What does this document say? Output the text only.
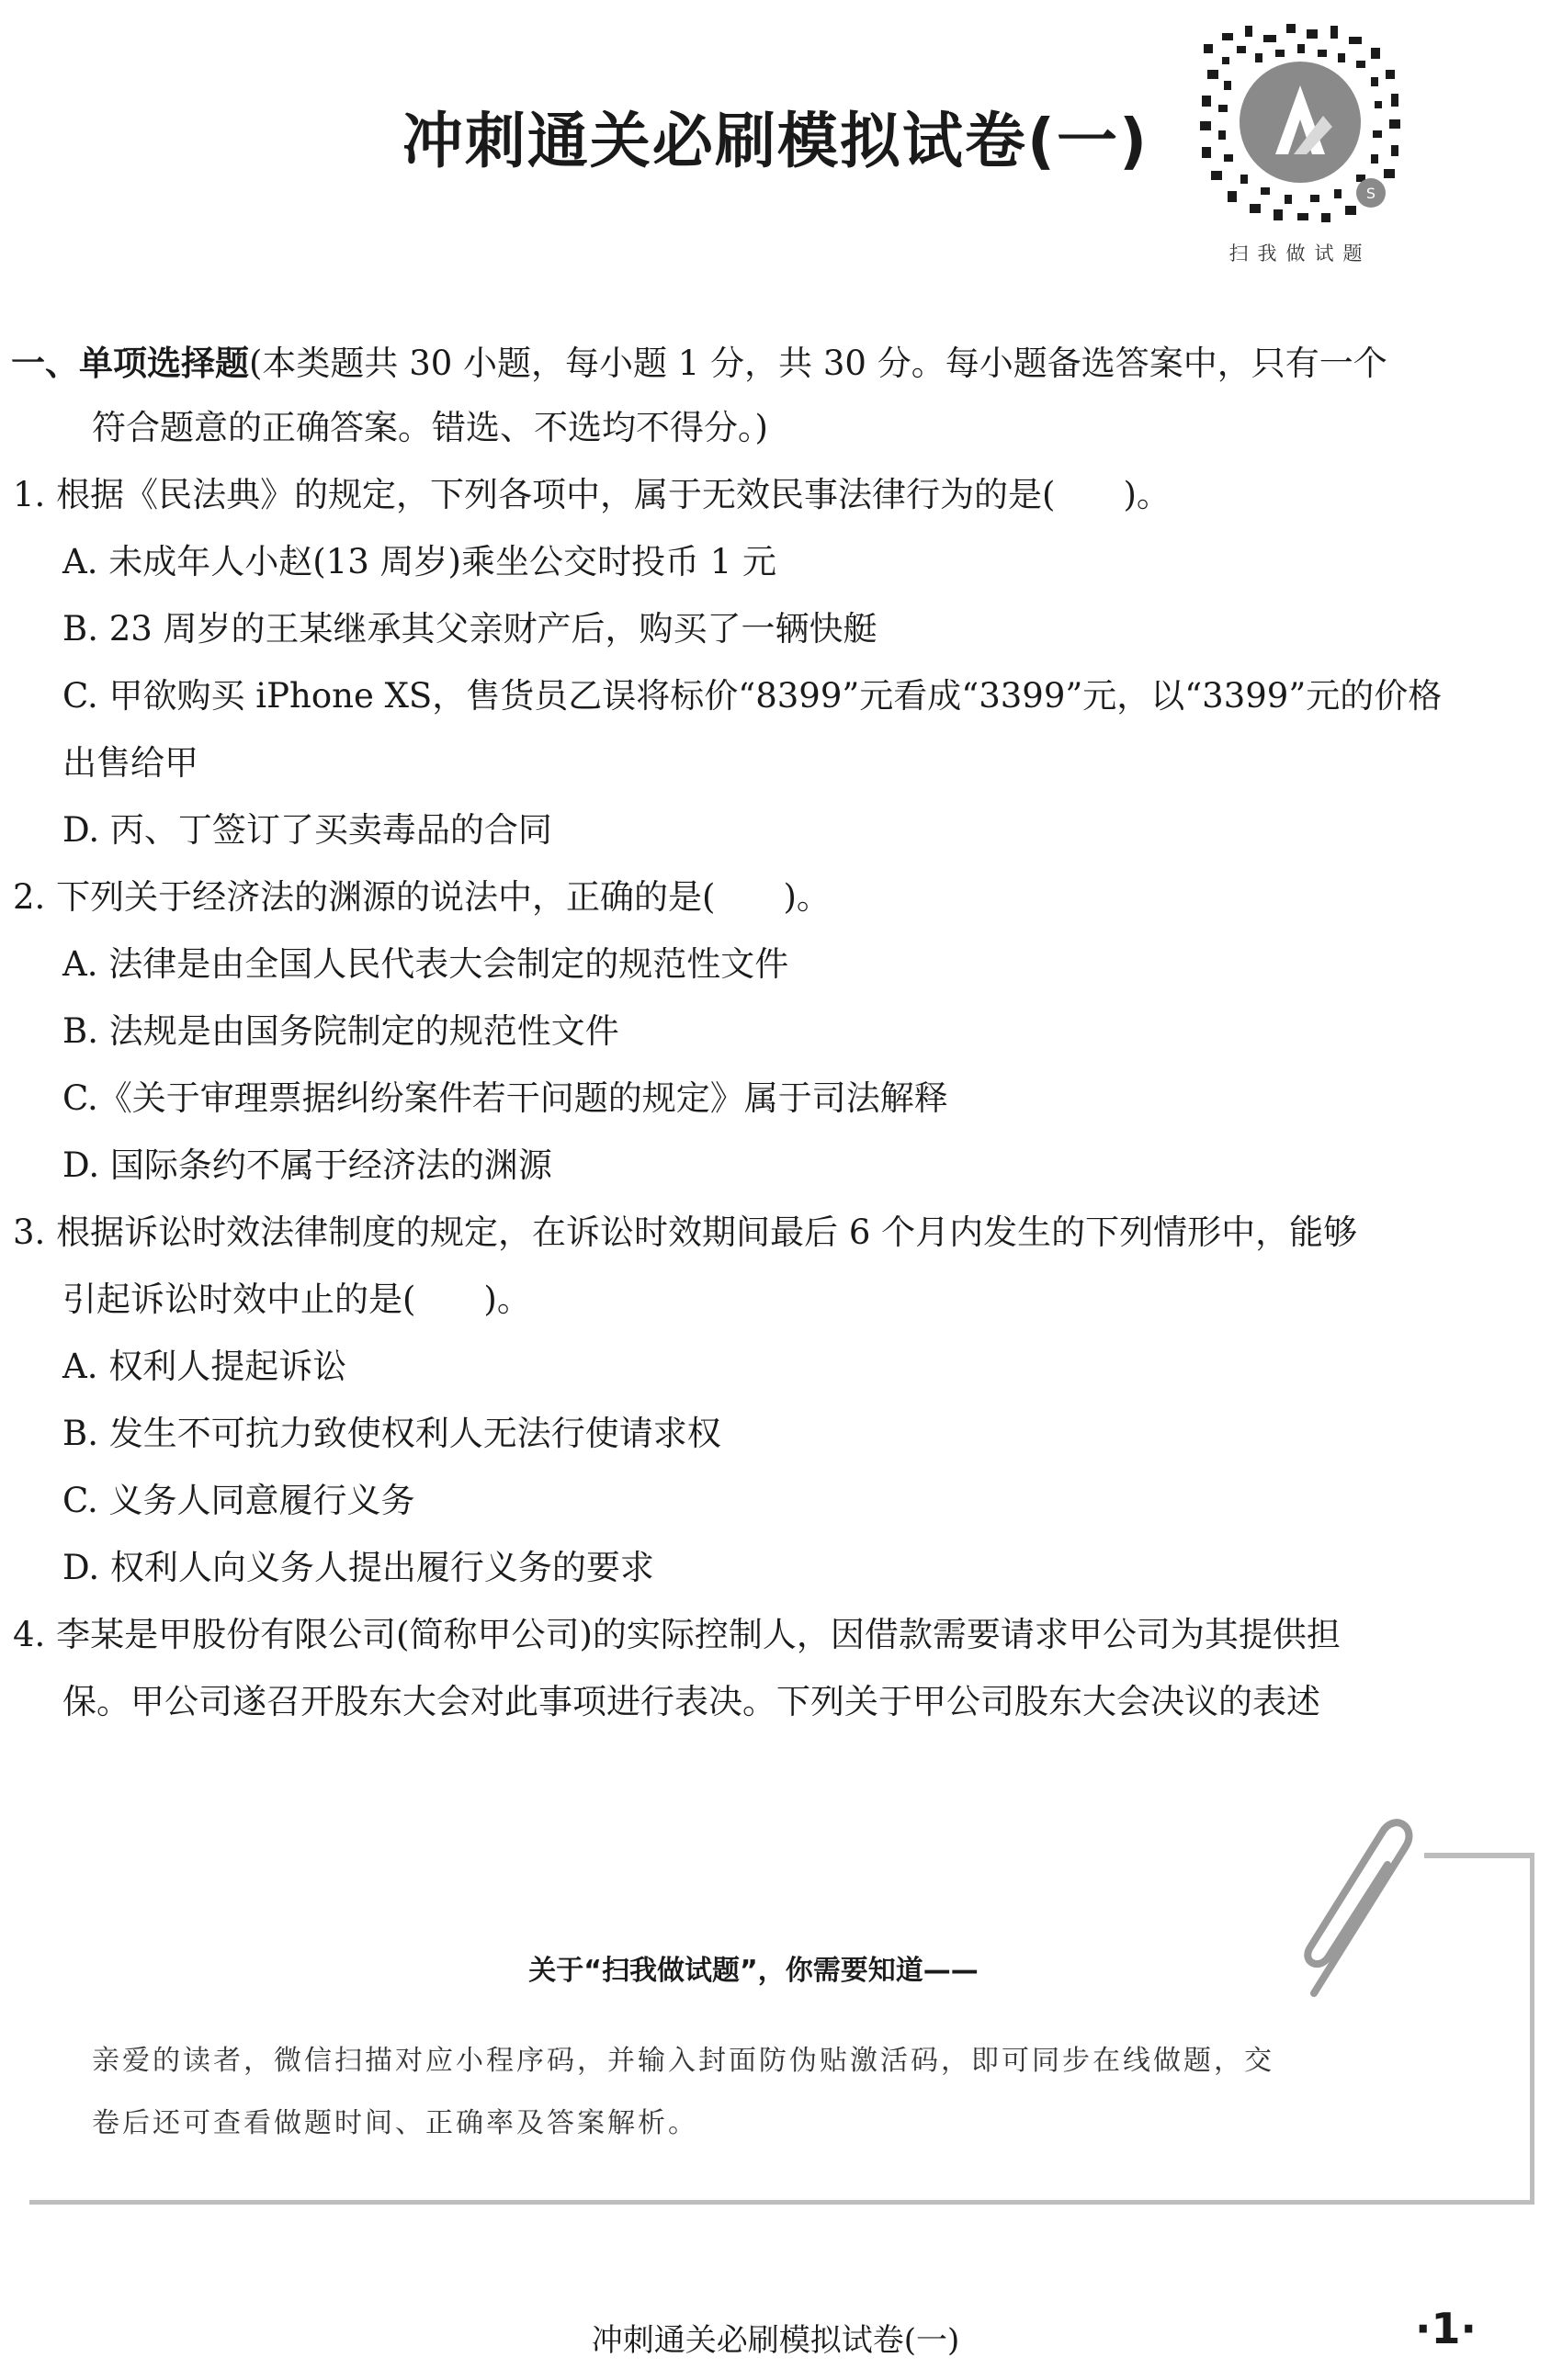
冲刺通关必刷模拟试卷(一)
S
扫我做试题
一、单项选择题(本类题共 30 小题，每小题 1 分，共 30 分。每小题备选答案中，只有一个
符合题意的正确答案。错选、不选均不得分。)
1. 根据《民法典》的规定，下列各项中，属于无效民事法律行为的是(　　)。
A. 未成年人小赵(13 周岁)乘坐公交时投币 1 元
B. 23 周岁的王某继承其父亲财产后，购买了一辆快艇
C. 甲欲购买 iPhone XS，售货员乙误将标价“8399”元看成“3399”元，以“3399”元的价格
出售给甲
D. 丙、丁签订了买卖毒品的合同
2. 下列关于经济法的渊源的说法中，正确的是(　　)。
A. 法律是由全国人民代表大会制定的规范性文件
B. 法规是由国务院制定的规范性文件
C.《关于审理票据纠纷案件若干问题的规定》属于司法解释
D. 国际条约不属于经济法的渊源
3. 根据诉讼时效法律制度的规定，在诉讼时效期间最后 6 个月内发生的下列情形中，能够
引起诉讼时效中止的是(　　)。
A. 权利人提起诉讼
B. 发生不可抗力致使权利人无法行使请求权
C. 义务人同意履行义务
D. 权利人向义务人提出履行义务的要求
4. 李某是甲股份有限公司(简称甲公司)的实际控制人，因借款需要请求甲公司为其提供担
保。甲公司遂召开股东大会对此事项进行表决。下列关于甲公司股东大会决议的表述
关于“扫我做试题”，你需要知道——
亲爱的读者，微信扫描对应小程序码，并输入封面防伪贴激活码，即可同步在线做题，交
卷后还可查看做题时间、正确率及答案解析。
冲刺通关必刷模拟试卷(一)	·1·
